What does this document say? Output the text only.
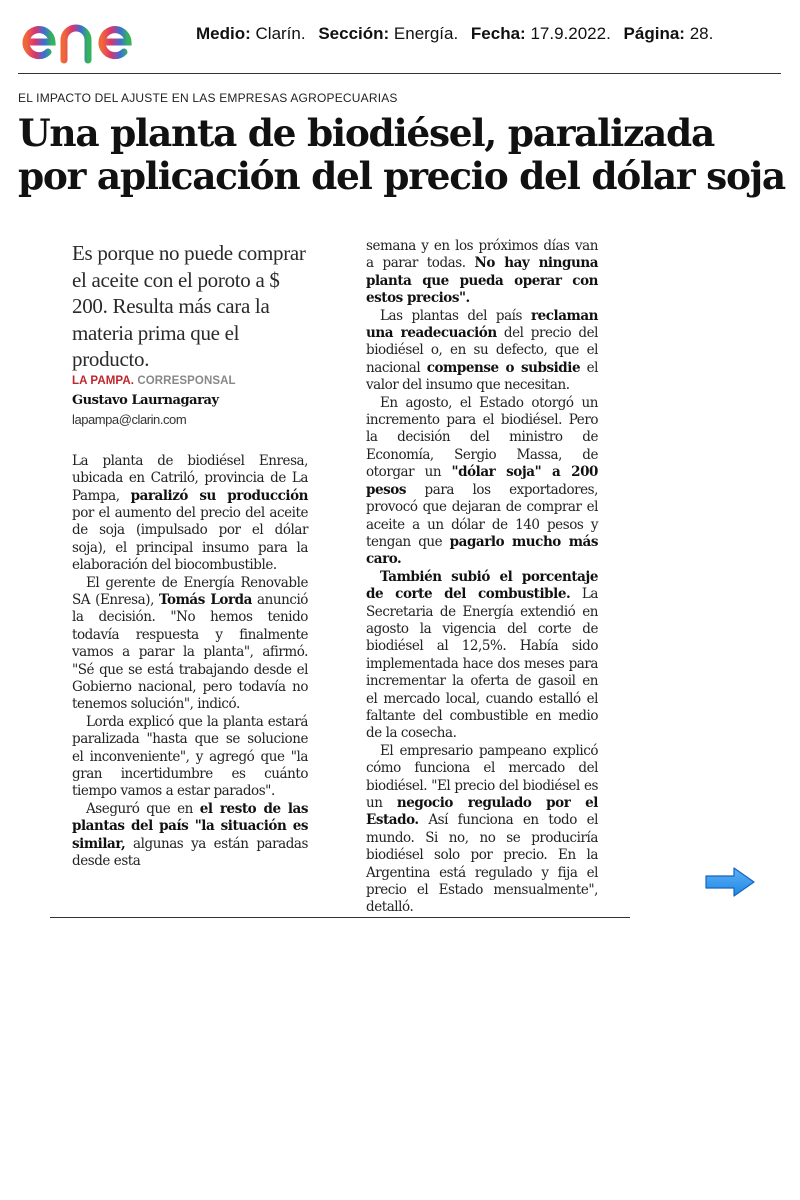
Medio: Clarín. Sección: Energía. Fecha: 17.9.2022. Página: 28.
EL IMPACTO DEL AJUSTE EN LAS EMPRESAS AGROPECUARIAS
Una planta de biodiésel, paralizada por aplicación del precio del dólar soja

Es porque no puede comprar el aceite con el poroto a $ 200. Resulta más cara la materia prima que el producto.

LA PAMPA. CORRESPONSAL
Gustavo Laurnagaray
lapampa@clarin.com

La planta de biodiésel Enresa, ubicada en Catriló, provincia de La Pampa, paralizó su producción por el aumento del precio del aceite de soja (impulsado por el dólar soja), el principal insumo para la elaboración del biocombustible.

El gerente de Energía Renovable SA (Enresa), Tomás Lorda anunció la decisión. "No hemos tenido todavía respuesta y finalmente vamos a parar la planta", afirmó. "Sé que se está trabajando desde el Gobierno nacional, pero todavía no tenemos solución", indicó.

Lorda explicó que la planta estará paralizada "hasta que se solucione el inconveniente", y agregó que "la gran incertidumbre es cuánto tiempo vamos a estar parados".

Aseguró que en el resto de las plantas del país "la situación es similar, algunas ya están paradas desde esta

semana y en los próximos días van a parar todas. No hay ninguna planta que pueda operar con estos precios".

Las plantas del país reclaman una readecuación del precio del biodiésel o, en su defecto, que el nacional compense o subsidie el valor del insumo que necesitan.

En agosto, el Estado otorgó un incremento para el biodiésel. Pero la decisión del ministro de Economía, Sergio Massa, de otorgar un "dólar soja" a 200 pesos para los exportadores, provocó que dejaran de comprar el aceite a un dólar de 140 pesos y tengan que pagarlo mucho más caro.

También subió el porcentaje de corte del combustible. La Secretaria de Energía extendió en agosto la vigencia del corte de biodiésel al 12,5%. Había sido implementada hace dos meses para incrementar la oferta de gasoil en el mercado local, cuando estalló el faltante del combustible en medio de la cosecha.

El empresario pampeano explicó cómo funciona el mercado del biodiésel. "El precio del biodiésel es un negocio regulado por el Estado. Así funciona en todo el mundo. Si no, no se produciría biodiésel solo por precio. En la Argentina está regulado y fija el precio el Estado mensualmente", detalló.
